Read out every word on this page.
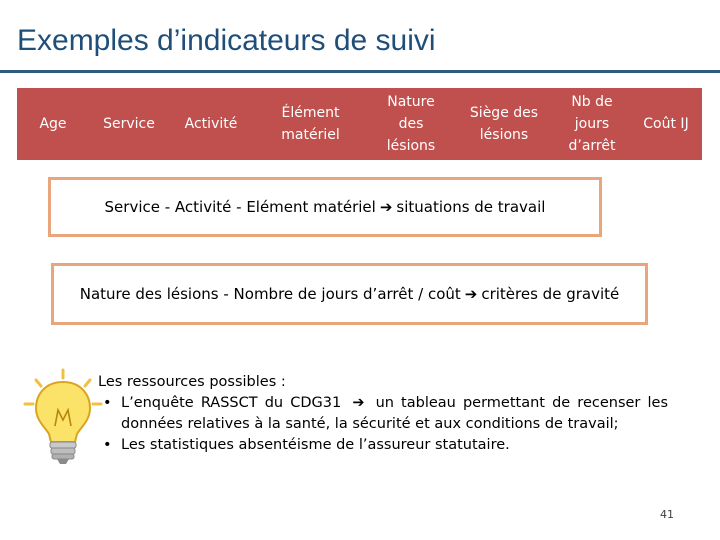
Exemples d’indicateurs de suivi
Age	Service Activité
Élément
matériel
Nature
des
lésions
Siège des
lésions
Nb de
jours
d’arrêt
Coût IJ
Service - Activité - Elément matériel ➔ situations de travail
Nature des lésions - Nombre de jours d’arrêt / coût ➔ critères de gravité
Les ressources possibles :
• L’enquête RASSCT du CDG31 ➔ un tableau permettant de recenser les données relatives à la santé, la sécurité et aux conditions de travail;
• Les statistiques absentéisme de l’assureur statutaire.
41
